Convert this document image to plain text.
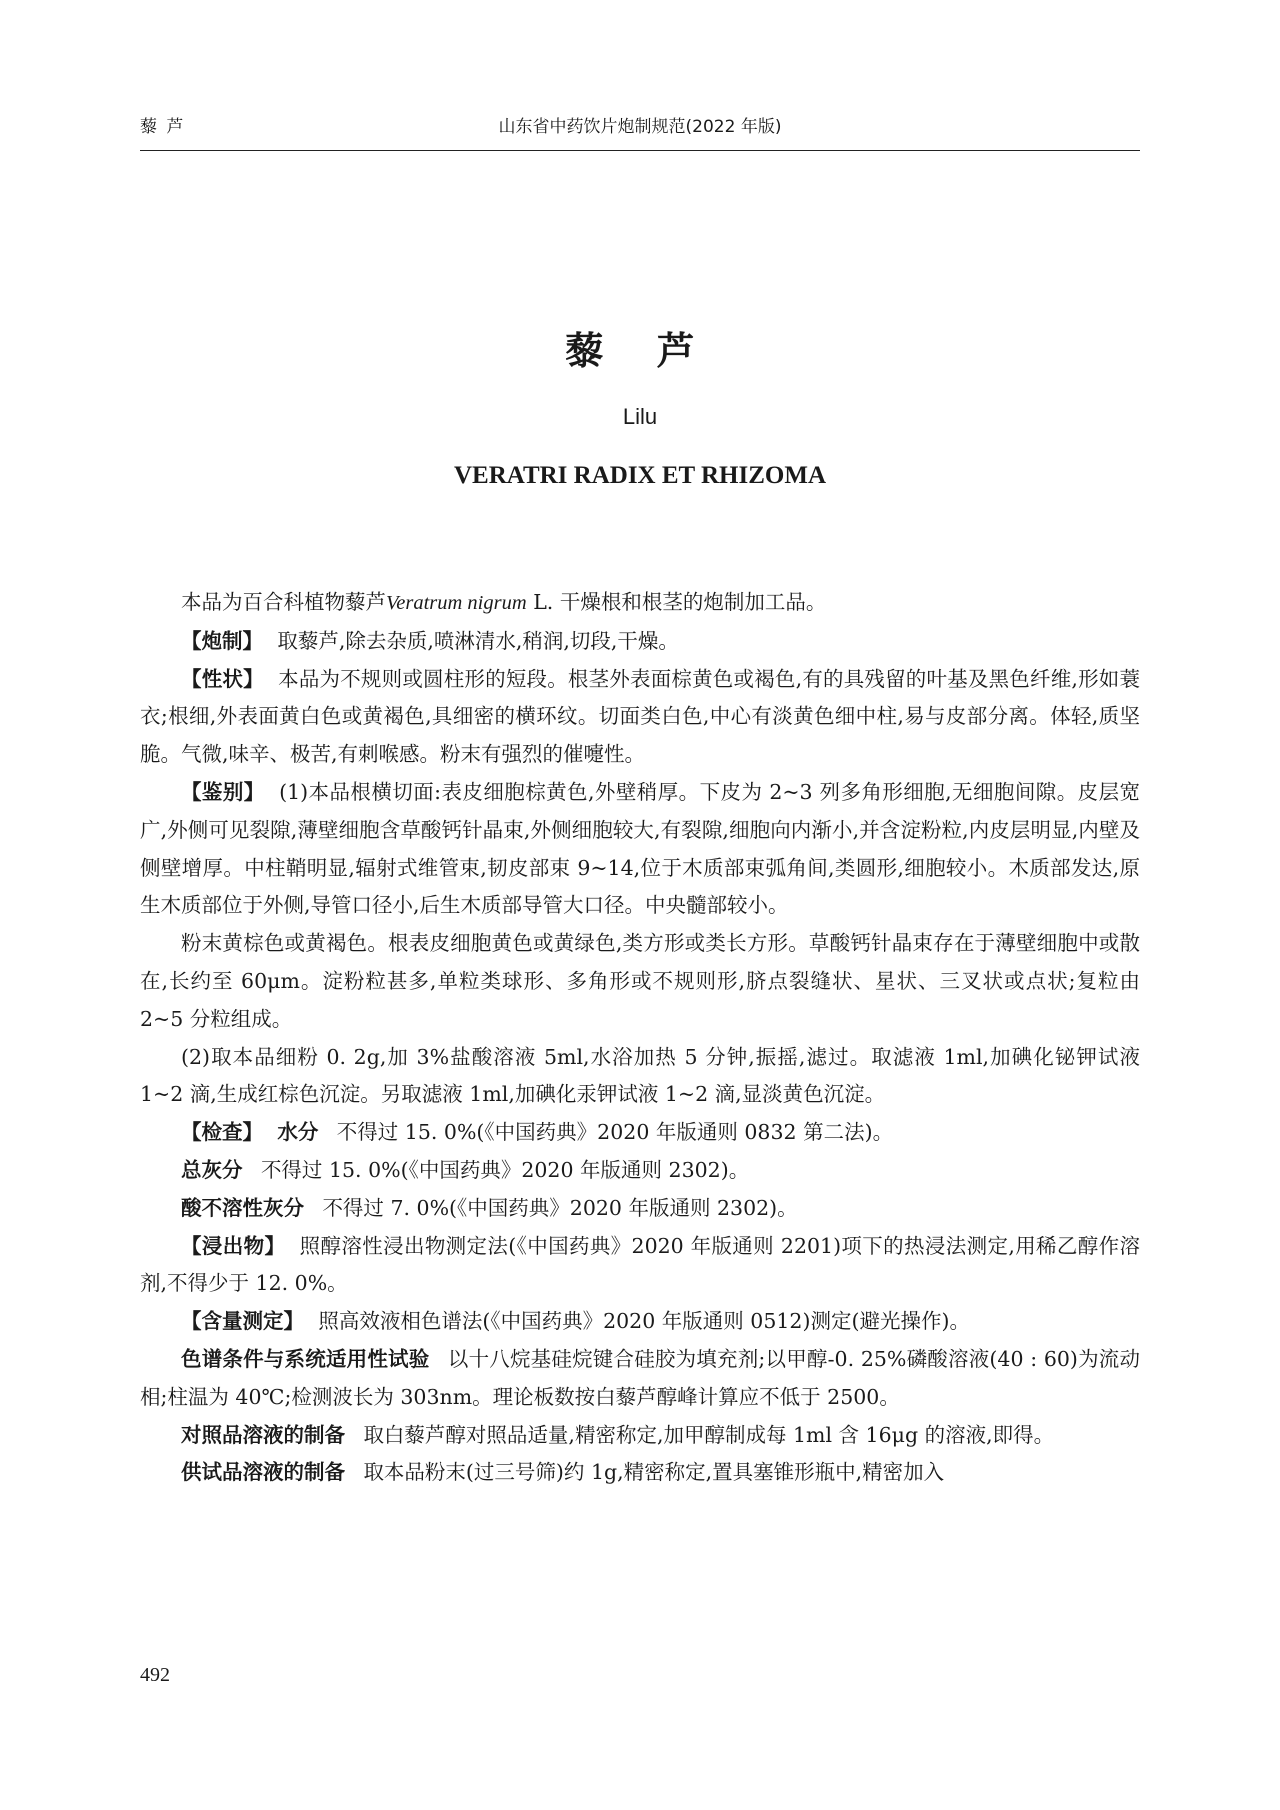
藜 芦	山东省中药饮片炮制规范(2022 年版)
藜 芦
Lilu
VERATRI RADIX ET RHIZOMA

本品为百合科植物藜芦Veratrum nigrum L. 干燥根和根茎的炮制加工品。

【炮制】 取藜芦,除去杂质,喷淋清水,稍润,切段,干燥。

【性状】 本品为不规则或圆柱形的短段。根茎外表面棕黄色或褐色,有的具残留的叶基及黑色纤维,形如蓑衣;根细,外表面黄白色或黄褐色,具细密的横环纹。切面类白色,中心有淡黄色细中柱,易与皮部分离。体轻,质坚脆。气微,味辛、极苦,有刺喉感。粉末有强烈的催嚏性。

【鉴别】 (1)本品根横切面:表皮细胞棕黄色,外壁稍厚。下皮为 2~3 列多角形细胞,无细胞间隙。皮层宽广,外侧可见裂隙,薄壁细胞含草酸钙针晶束,外侧细胞较大,有裂隙,细胞向内渐小,并含淀粉粒,内皮层明显,内壁及侧壁增厚。中柱鞘明显,辐射式维管束,韧皮部束 9~14,位于木质部束弧角间,类圆形,细胞较小。木质部发达,原生木质部位于外侧,导管口径小,后生木质部导管大口径。中央髓部较小。

粉末黄棕色或黄褐色。根表皮细胞黄色或黄绿色,类方形或类长方形。草酸钙针晶束存在于薄壁细胞中或散在,长约至 60μm。淀粉粒甚多,单粒类球形、多角形或不规则形,脐点裂缝状、星状、三叉状或点状;复粒由 2~5 分粒组成。

(2)取本品细粉 0. 2g,加 3%盐酸溶液 5ml,水浴加热 5 分钟,振摇,滤过。取滤液 1ml,加碘化铋钾试液 1~2 滴,生成红棕色沉淀。另取滤液 1ml,加碘化汞钾试液 1~2 滴,显淡黄色沉淀。

【检查】 水分 不得过 15. 0%(《中国药典》2020 年版通则 0832 第二法)。

总灰分 不得过 15. 0%(《中国药典》2020 年版通则 2302)。

酸不溶性灰分 不得过 7. 0%(《中国药典》2020 年版通则 2302)。

【浸出物】 照醇溶性浸出物测定法(《中国药典》2020 年版通则 2201)项下的热浸法测定,用稀乙醇作溶剂,不得少于 12. 0%。

【含量测定】 照高效液相色谱法(《中国药典》2020 年版通则 0512)测定(避光操作)。

色谱条件与系统适用性试验 以十八烷基硅烷键合硅胶为填充剂;以甲醇-0. 25%磷酸溶液(40 : 60)为流动相;柱温为 40℃;检测波长为 303nm。理论板数按白藜芦醇峰计算应不低于 2500。

对照品溶液的制备 取白藜芦醇对照品适量,精密称定,加甲醇制成每 1ml 含 16μg 的溶液,即得。

供试品溶液的制备 取本品粉末(过三号筛)约 1g,精密称定,置具塞锥形瓶中,精密加入

492
